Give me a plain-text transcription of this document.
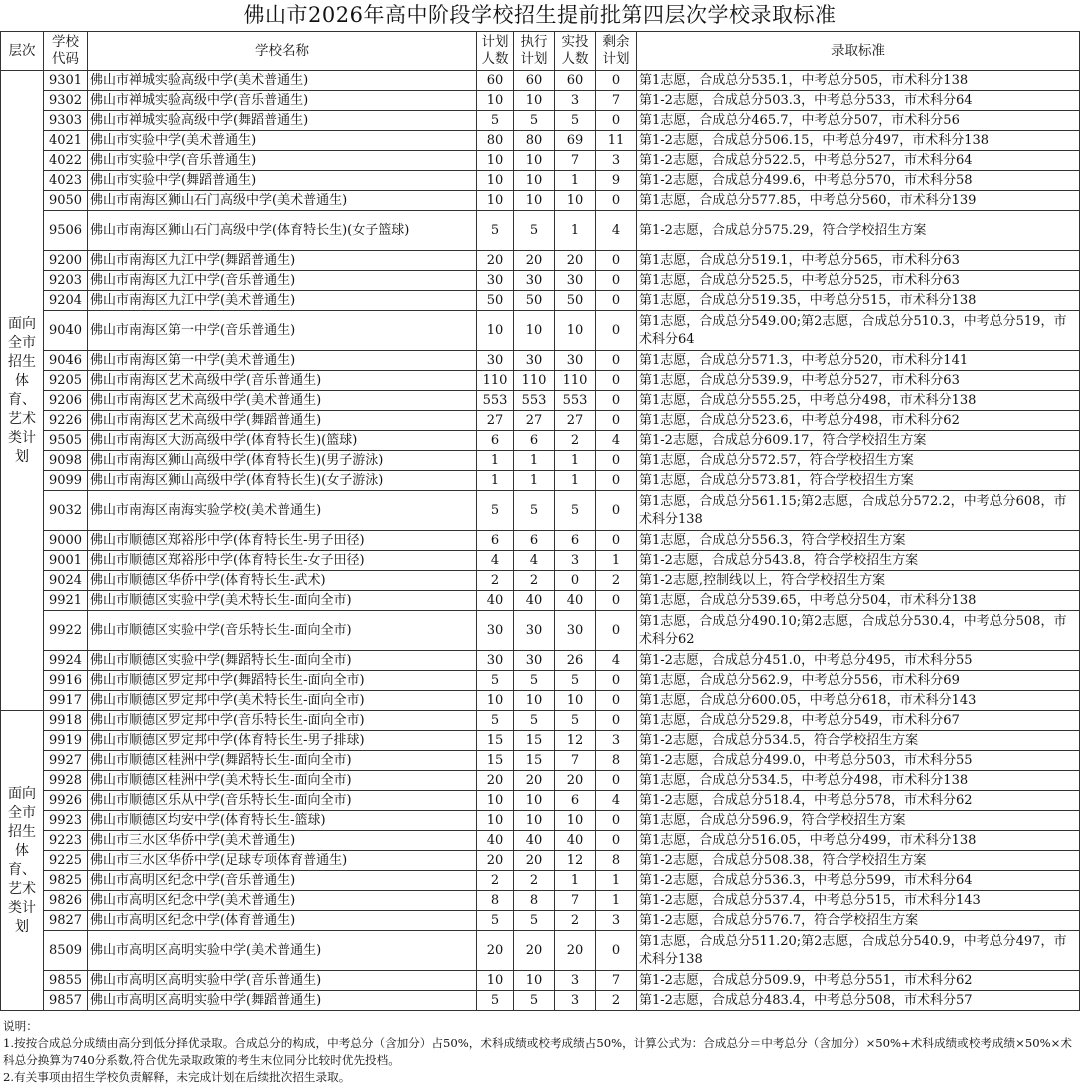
佛山市2026年高中阶段学校招生提前批第四层次学校录取标准
层次	学校代码	学校名称	计划人数	执行计划	实投人数	剩余计划	录取标准
面向全市招生体育、艺术类计划	9301	佛山市禅城实验高级中学(美术普通生)	60	60	60	0	第1志愿，合成总分535.1，中考总分505，市术科分138
	9302	佛山市禅城实验高级中学(音乐普通生)	10	10	3	7	第1-2志愿，合成总分503.3，中考总分533，市术科分64
	9303	佛山市禅城实验高级中学(舞蹈普通生)	5	5	5	0	第1志愿，合成总分465.7，中考总分507，市术科分56
	4021	佛山市实验中学(美术普通生)	80	80	69	11	第1-2志愿，合成总分506.15，中考总分497，市术科分138
	4022	佛山市实验中学(音乐普通生)	10	10	7	3	第1-2志愿，合成总分522.5，中考总分527，市术科分64
	4023	佛山市实验中学(舞蹈普通生)	10	10	1	9	第1-2志愿，合成总分499.6，中考总分570，市术科分58
	9050	佛山市南海区狮山石门高级中学(美术普通生)	10	10	10	0	第1志愿，合成总分577.85，中考总分560，市术科分139
	9506	佛山市南海区狮山石门高级中学(体育特长生)(女子篮球)	5	5	1	4	第1-2志愿，合成总分575.29，符合学校招生方案
	9200	佛山市南海区九江中学(舞蹈普通生)	20	20	20	0	第1志愿，合成总分519.1，中考总分565，市术科分63
	9203	佛山市南海区九江中学(音乐普通生)	30	30	30	0	第1志愿，合成总分525.5，中考总分525，市术科分63
	9204	佛山市南海区九江中学(美术普通生)	50	50	50	0	第1志愿，合成总分519.35，中考总分515，市术科分138
	9040	佛山市南海区第一中学(音乐普通生)	10	10	10	0	第1志愿，合成总分549.00;第2志愿，合成总分510.3，中考总分519，市术科分64
	9046	佛山市南海区第一中学(美术普通生)	30	30	30	0	第1志愿，合成总分571.3，中考总分520，市术科分141
	9205	佛山市南海区艺术高级中学(音乐普通生)	110	110	110	0	第1志愿，合成总分539.9，中考总分527，市术科分63
	9206	佛山市南海区艺术高级中学(美术普通生)	553	553	553	0	第1志愿，合成总分555.25，中考总分498，市术科分138
	9226	佛山市南海区艺术高级中学(舞蹈普通生)	27	27	27	0	第1志愿，合成总分523.6，中考总分498，市术科分62
	9505	佛山市南海区大沥高级中学(体育特长生)(篮球)	6	6	2	4	第1-2志愿，合成总分609.17，符合学校招生方案
	9098	佛山市南海区狮山高级中学(体育特长生)(男子游泳)	1	1	1	0	第1志愿，合成总分572.57，符合学校招生方案
	9099	佛山市南海区狮山高级中学(体育特长生)(女子游泳)	1	1	1	0	第1志愿，合成总分573.81，符合学校招生方案
	9032	佛山市南海区南海实验学校(美术普通生)	5	5	5	0	第1志愿，合成总分561.15;第2志愿，合成总分572.2，中考总分608，市术科分138
	9000	佛山市顺德区郑裕彤中学(体育特长生-男子田径)	6	6	6	0	第1志愿，合成总分556.3，符合学校招生方案
	9001	佛山市顺德区郑裕彤中学(体育特长生-女子田径)	4	4	3	1	第1-2志愿，合成总分543.8，符合学校招生方案
	9024	佛山市顺德区华侨中学(体育特长生-武术)	2	2	0	2	第1-2志愿,控制线以上，符合学校招生方案
	9921	佛山市顺德区实验中学(美术特长生-面向全市)	40	40	40	0	第1志愿，合成总分539.65，中考总分504，市术科分138
	9922	佛山市顺德区实验中学(音乐特长生-面向全市)	30	30	30	0	第1志愿，合成总分490.10;第2志愿，合成总分530.4，中考总分508，市术科分62
	9924	佛山市顺德区实验中学(舞蹈特长生-面向全市)	30	30	26	4	第1-2志愿，合成总分451.0，中考总分495，市术科分55
	9916	佛山市顺德区罗定邦中学(舞蹈特长生-面向全市)	5	5	5	0	第1志愿，合成总分562.9，中考总分556，市术科分69
	9917	佛山市顺德区罗定邦中学(美术特长生-面向全市)	10	10	10	0	第1志愿，合成总分600.05，中考总分618，市术科分143
面向全市招生体育、艺术类计划	9918	佛山市顺德区罗定邦中学(音乐特长生-面向全市)	5	5	5	0	第1志愿，合成总分529.8，中考总分549，市术科分67
	9919	佛山市顺德区罗定邦中学(体育特长生-男子排球)	15	15	12	3	第1-2志愿，合成总分534.5，符合学校招生方案
	9927	佛山市顺德区桂洲中学(舞蹈特长生-面向全市)	15	15	7	8	第1-2志愿，合成总分499.0，中考总分503，市术科分55
	9928	佛山市顺德区桂洲中学(美术特长生-面向全市)	20	20	20	0	第1志愿，合成总分534.5，中考总分498，市术科分138
	9926	佛山市顺德区乐从中学(音乐特长生-面向全市)	10	10	6	4	第1-2志愿，合成总分518.4，中考总分578，市术科分62
	9923	佛山市顺德区均安中学(体育特长生-篮球)	10	10	10	0	第1志愿，合成总分596.9，符合学校招生方案
	9223	佛山市三水区华侨中学(美术普通生)	40	40	40	0	第1志愿，合成总分516.05，中考总分499，市术科分138
	9225	佛山市三水区华侨中学(足球专项体育普通生)	20	20	12	8	第1-2志愿，合成总分508.38，符合学校招生方案
	9825	佛山市高明区纪念中学(音乐普通生)	2	2	1	1	第1-2志愿，合成总分536.3，中考总分599，市术科分64
	9826	佛山市高明区纪念中学(美术普通生)	8	8	7	1	第1-2志愿，合成总分537.4，中考总分515，市术科分143
	9827	佛山市高明区纪念中学(体育普通生)	5	5	2	3	第1-2志愿，合成总分576.7，符合学校招生方案
	8509	佛山市高明区高明实验中学(美术普通生)	20	20	20	0	第1志愿，合成总分511.20;第2志愿，合成总分540.9，中考总分497，市术科分138
	9855	佛山市高明区高明实验中学(音乐普通生)	10	10	3	7	第1-2志愿，合成总分509.9，中考总分551，市术科分62
	9857	佛山市高明区高明实验中学(舞蹈普通生)	5	5	3	2	第1-2志愿，合成总分483.4，中考总分508，市术科分57
说明：
1.按按合成总分成绩由高分到低分择优录取。合成总分的构成，中考总分（含加分）占50%，术科成绩或校考成绩占50%，计算公式为：合成总分＝中考总分（含加分）×50%+术科成绩或校考成绩×50%×术科总分换算为740分系数,符合优先录取政策的考生末位同分比较时优先投档。
2.有关事项由招生学校负责解释，未完成计划在后续批次招生录取。
